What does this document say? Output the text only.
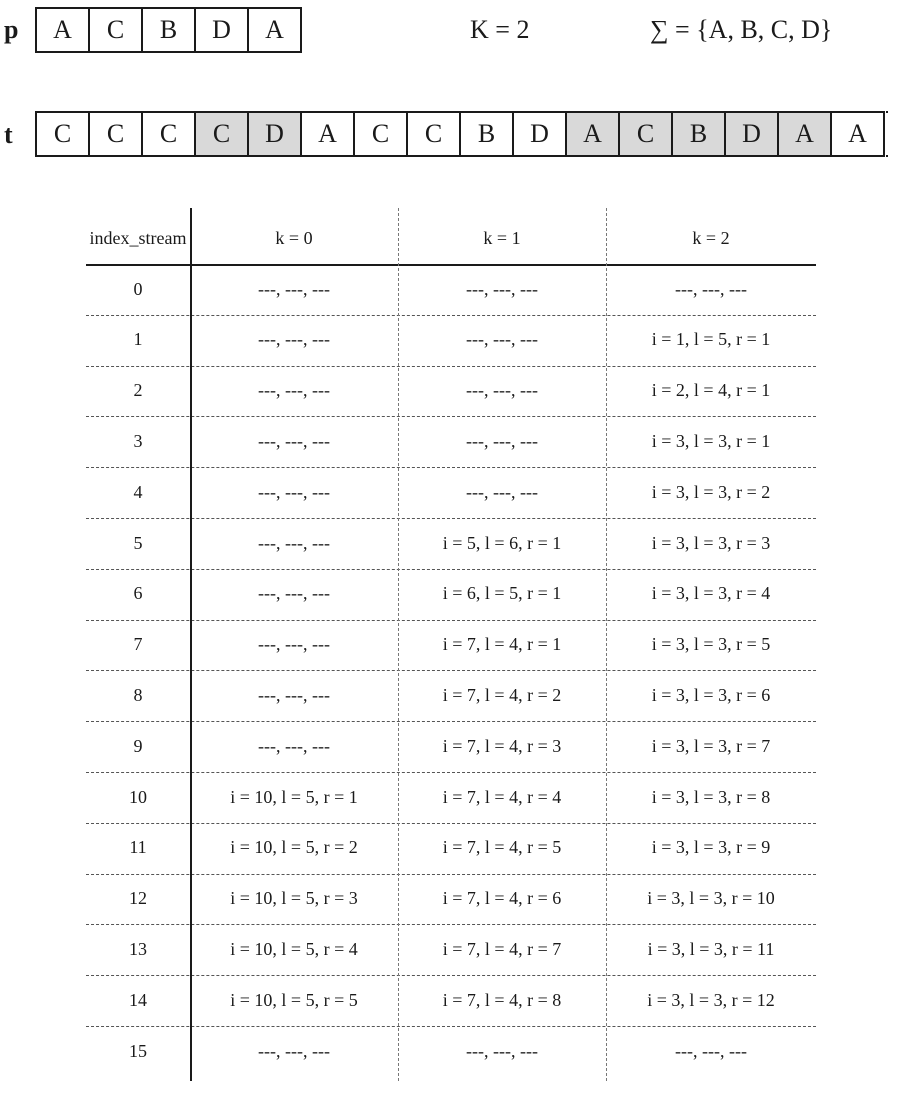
p	A	C	B	D	A	K = 2	∑ = {A, B, C, D}
t	C	C	C	C	D	A	C	C	B	D	A	C	B	D	A	A
index_stream	k = 0	k = 1	k = 2
0	---, ---, ---	---, ---, ---	---, ---, ---
1	---, ---, ---	---, ---, ---	i = 1, l = 5, r = 1
2	---, ---, ---	---, ---, ---	i = 2, l = 4, r = 1
3	---, ---, ---	---, ---, ---	i = 3, l = 3, r = 1
4	---, ---, ---	---, ---, ---	i = 3, l = 3, r = 2
5	---, ---, ---	i = 5, l = 6, r = 1	i = 3, l = 3, r = 3
6	---, ---, ---	i = 6, l = 5, r = 1	i = 3, l = 3, r = 4
7	---, ---, ---	i = 7, l = 4, r = 1	i = 3, l = 3, r = 5
8	---, ---, ---	i = 7, l = 4, r = 2	i = 3, l = 3, r = 6
9	---, ---, ---	i = 7, l = 4, r = 3	i = 3, l = 3, r = 7
10	i = 10, l = 5, r = 1	i = 7, l = 4, r = 4	i = 3, l = 3, r = 8
11	i = 10, l = 5, r = 2	i = 7, l = 4, r = 5	i = 3, l = 3, r = 9
12	i = 10, l = 5, r = 3	i = 7, l = 4, r = 6	i = 3, l = 3, r = 10
13	i = 10, l = 5, r = 4	i = 7, l = 4, r = 7	i = 3, l = 3, r = 11
14	i = 10, l = 5, r = 5	i = 7, l = 4, r = 8	i = 3, l = 3, r = 12
15	---, ---, ---	---, ---, ---	---, ---, ---
